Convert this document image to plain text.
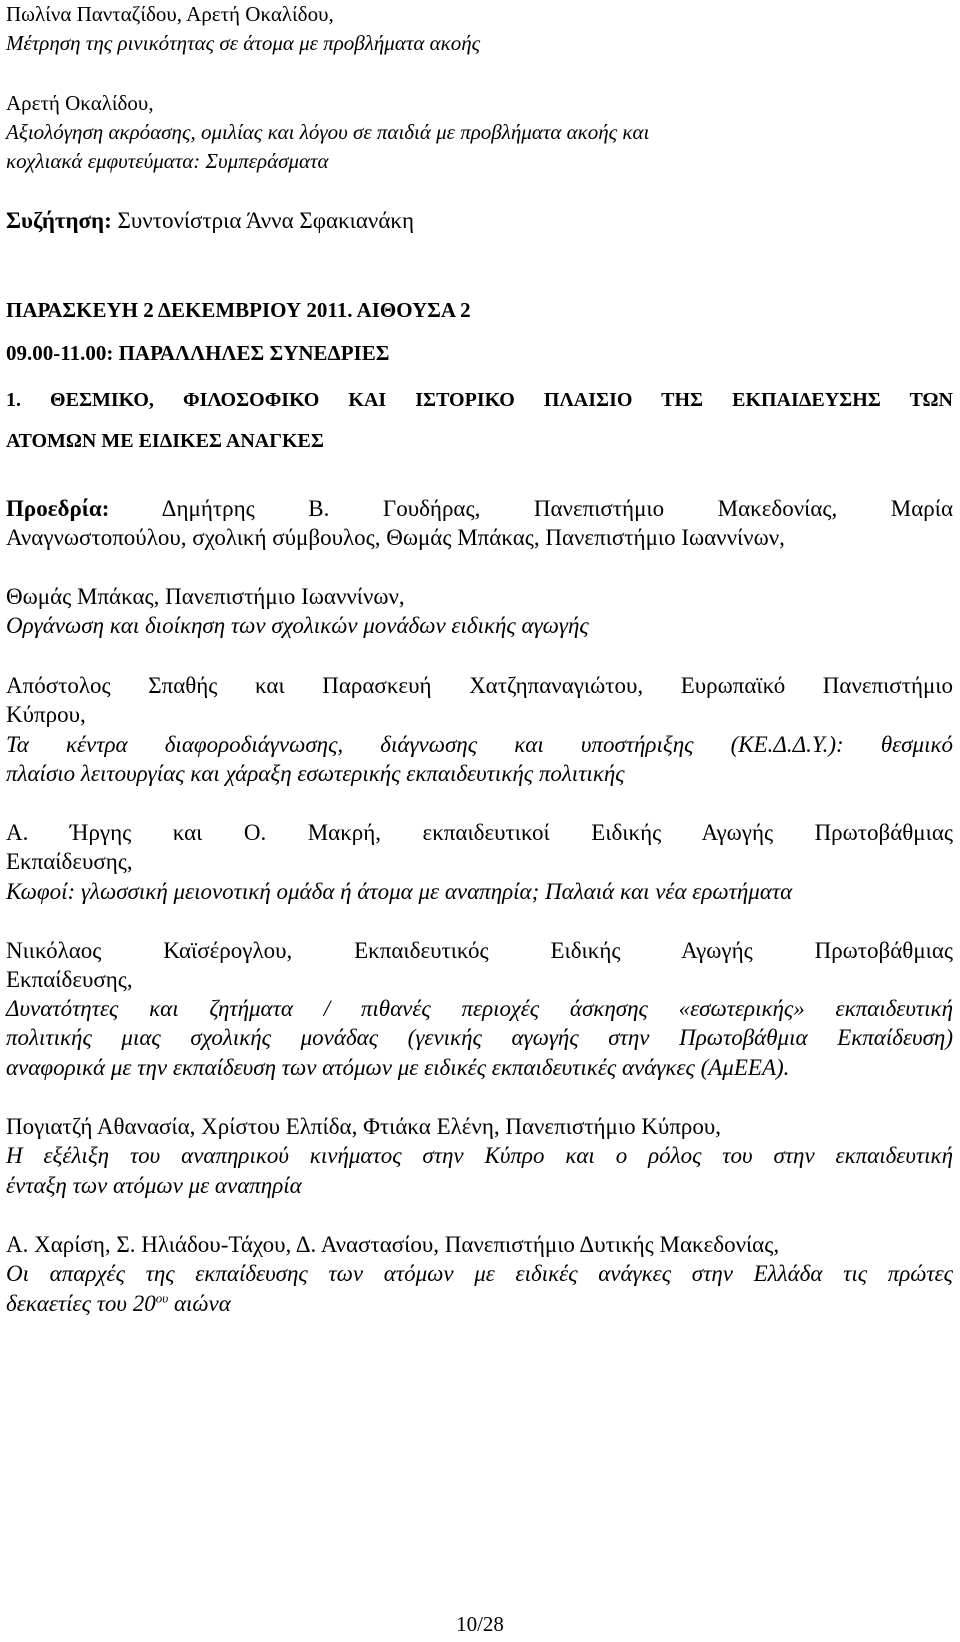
Πωλίνα Πανταζίδου, Αρετή Οκαλίδου,

Μέτρηση της ρινικότητας σε άτομα με προβλήματα ακοής

Αρετή Οκαλίδου,

Αξιολόγηση ακρόασης, ομιλίας και λόγου σε παιδιά με προβλήματα ακοής και

κοχλιακά εμφυτεύματα: Συμπεράσματα

Συζήτηση: Συντονίστρια Άννα Σφακιανάκη

ΠΑΡΑΣΚΕΥΗ 2 ΔΕΚΕΜΒΡΙΟΥ 2011. ΑΙΘΟΥΣΑ 2

09.00-11.00: ΠΑΡΑΛΛΗΛΕΣ ΣΥΝΕΔΡΙΕΣ

1. ΘΕΣΜΙΚΟ, ΦΙΛΟΣΟΦΙΚΟ ΚΑΙ ΙΣΤΟΡΙΚΟ ΠΛΑΙΣΙΟ ΤΗΣ ΕΚΠΑΙΔΕΥΣΗΣ ΤΩΝ

ΑΤΟΜΩΝ ΜΕ ΕΙΔΙΚΕΣ ΑΝΑΓΚΕΣ

Προεδρία: Δημήτρης Β. Γουδήρας, Πανεπιστήμιο Μακεδονίας, Μαρία

Αναγνωστοπούλου, σχολική σύμβουλος, Θωμάς Μπάκας, Πανεπιστήμιο Ιωαννίνων,

Θωμάς Μπάκας, Πανεπιστήμιο Ιωαννίνων,

Οργάνωση και διοίκηση των σχολικών μονάδων ειδικής αγωγής

Απόστολος Σπαθής και Παρασκευή Χατζηπαναγιώτου, Ευρωπαϊκό Πανεπιστήμιο

Κύπρου,

Τα κέντρα διαφοροδιάγνωσης, διάγνωσης και υποστήριξης (ΚΕ.Δ.Δ.Υ.): θεσμικό

πλαίσιο λειτουργίας και χάραξη εσωτερικής εκπαιδευτικής πολιτικής

Α. Ήργης και Ο. Μακρή, εκπαιδευτικοί Ειδικής Αγωγής Πρωτοβάθμιας

Εκπαίδευσης,

Κωφοί: γλωσσική μειονοτική ομάδα ή άτομα με αναπηρία; Παλαιά και νέα ερωτήματα

Νιικόλαος Καϊσέρογλου, Εκπαιδευτικός Ειδικής Αγωγής Πρωτοβάθμιας

Εκπαίδευσης,

Δυνατότητες και ζητήματα / πιθανές περιοχές άσκησης «εσωτερικής» εκπαιδευτική

πολιτικής μιας σχολικής μονάδας (γενικής αγωγής στην Πρωτοβάθμια Εκπαίδευση)

αναφορικά με την εκπαίδευση των ατόμων με ειδικές εκπαιδευτικές ανάγκες (ΑμΕΕΑ).

Πογιατζή Αθανασία, Χρίστου Ελπίδα, Φτιάκα Ελένη, Πανεπιστήμιο Κύπρου,

Η εξέλιξη του αναπηρικού κινήματος στην Κύπρο και ο ρόλος του στην εκπαιδευτική

ένταξη των ατόμων με αναπηρία

Α. Χαρίση, Σ. Ηλιάδου-Τάχου, Δ. Αναστασίου, Πανεπιστήμιο Δυτικής Μακεδονίας,

Οι απαρχές της εκπαίδευσης των ατόμων με ειδικές ανάγκες στην Ελλάδα τις πρώτες

δεκαετίες του $20^{o\upsilon}$ αιώνα

10/28
